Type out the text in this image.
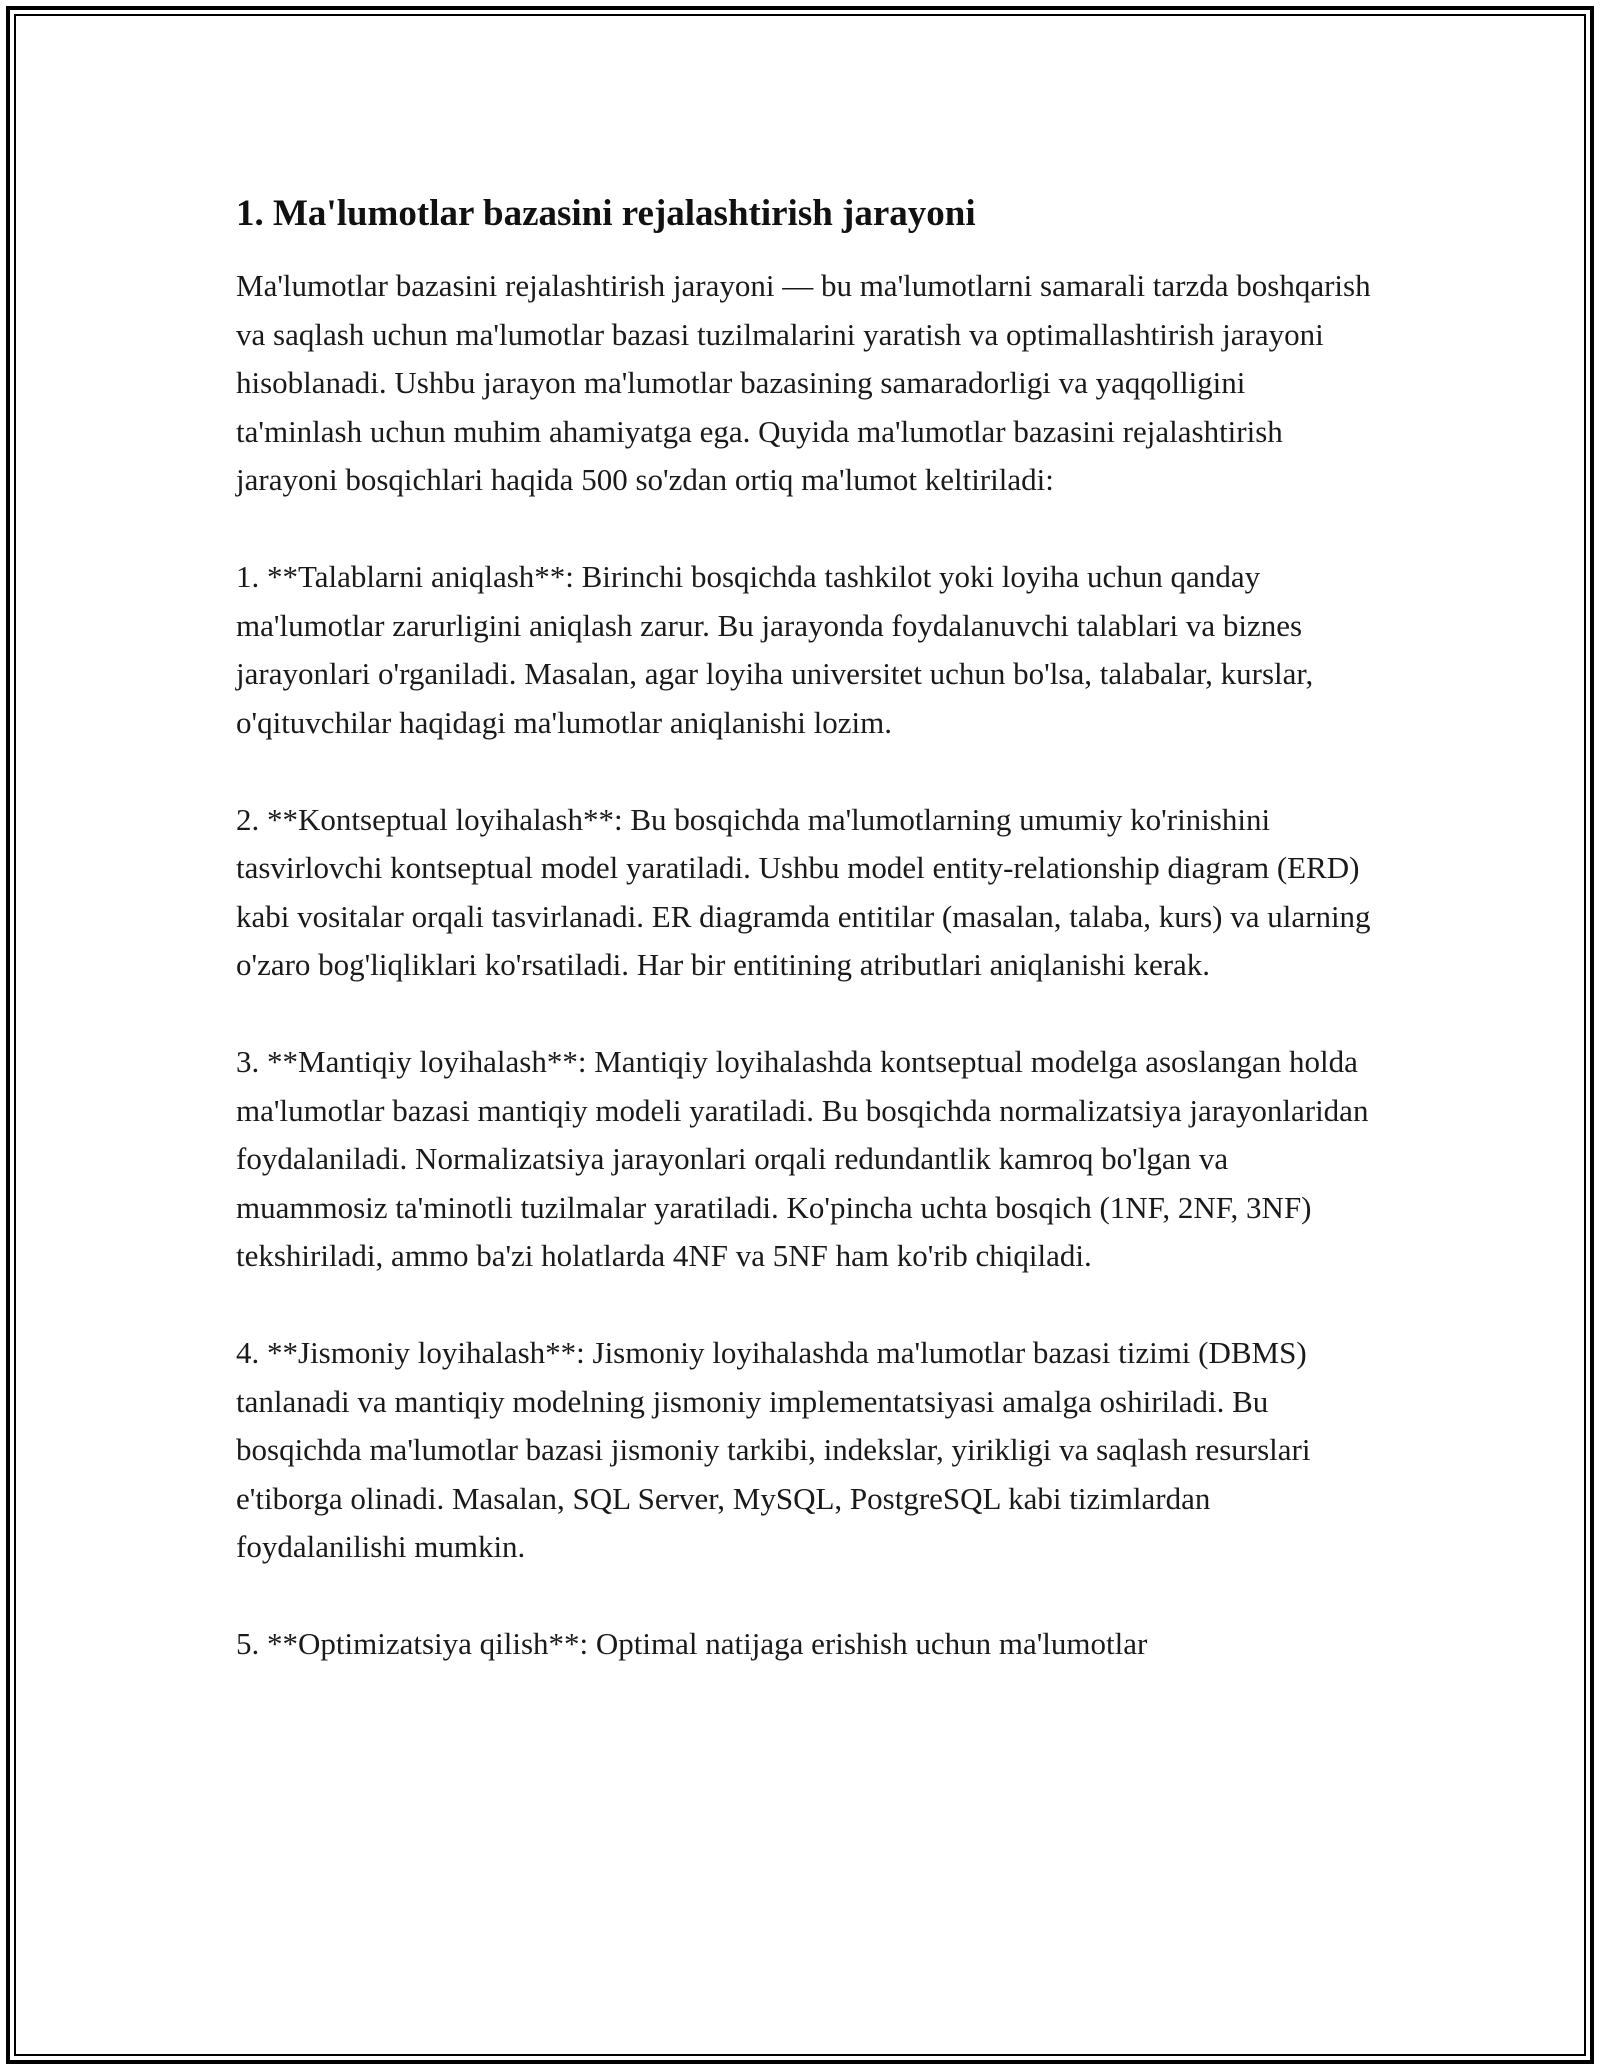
1. Ma'lumotlar bazasini rejalashtirish jarayoni

Ma'lumotlar bazasini rejalashtirish jarayoni — bu ma'lumotlarni samarali tarzda boshqarish va saqlash uchun ma'lumotlar bazasi tuzilmalarini yaratish va optimallashtirish jarayoni hisoblanadi. Ushbu jarayon ma'lumotlar bazasining samaradorligi va yaqqolligini ta'minlash uchun muhim ahamiyatga ega. Quyida ma'lumotlar bazasini rejalashtirish jarayoni bosqichlari haqida 500 so'zdan ortiq ma'lumot keltiriladi:

1. **Talablarni aniqlash**: Birinchi bosqichda tashkilot yoki loyiha uchun qanday ma'lumotlar zarurligini aniqlash zarur. Bu jarayonda foydalanuvchi talablari va biznes jarayonlari o'rganiladi. Masalan, agar loyiha universitet uchun bo'lsa, talabalar, kurslar, o'qituvchilar haqidagi ma'lumotlar aniqlanishi lozim.

2. **Kontseptual loyihalash**: Bu bosqichda ma'lumotlarning umumiy ko'rinishini tasvirlovchi kontseptual model yaratiladi. Ushbu model entity-relationship diagram (ERD) kabi vositalar orqali tasvirlanadi. ER diagramda entitilar (masalan, talaba, kurs) va ularning o'zaro bog'liqliklari ko'rsatiladi. Har bir entitining atributlari aniqlanishi kerak.

3. **Mantiqiy loyihalash**: Mantiqiy loyihalashda kontseptual modelga asoslangan holda ma'lumotlar bazasi mantiqiy modeli yaratiladi. Bu bosqichda normalizatsiya jarayonlaridan foydalaniladi. Normalizatsiya jarayonlari orqali redundantlik kamroq bo'lgan va muammosiz ta'minotli tuzilmalar yaratiladi. Ko'pincha uchta bosqich (1NF, 2NF, 3NF) tekshiriladi, ammo ba'zi holatlarda 4NF va 5NF ham ko'rib chiqiladi.

4. **Jismoniy loyihalash**: Jismoniy loyihalashda ma'lumotlar bazasi tizimi (DBMS) tanlanadi va mantiqiy modelning jismoniy implementatsiyasi amalga oshiriladi. Bu bosqichda ma'lumotlar bazasi jismoniy tarkibi, indekslar, yirikligi va saqlash resurslari e'tiborga olinadi. Masalan, SQL Server, MySQL, PostgreSQL kabi tizimlardan foydalanilishi mumkin.

5. **Optimizatsiya qilish**: Optimal natijaga erishish uchun ma'lumotlar
